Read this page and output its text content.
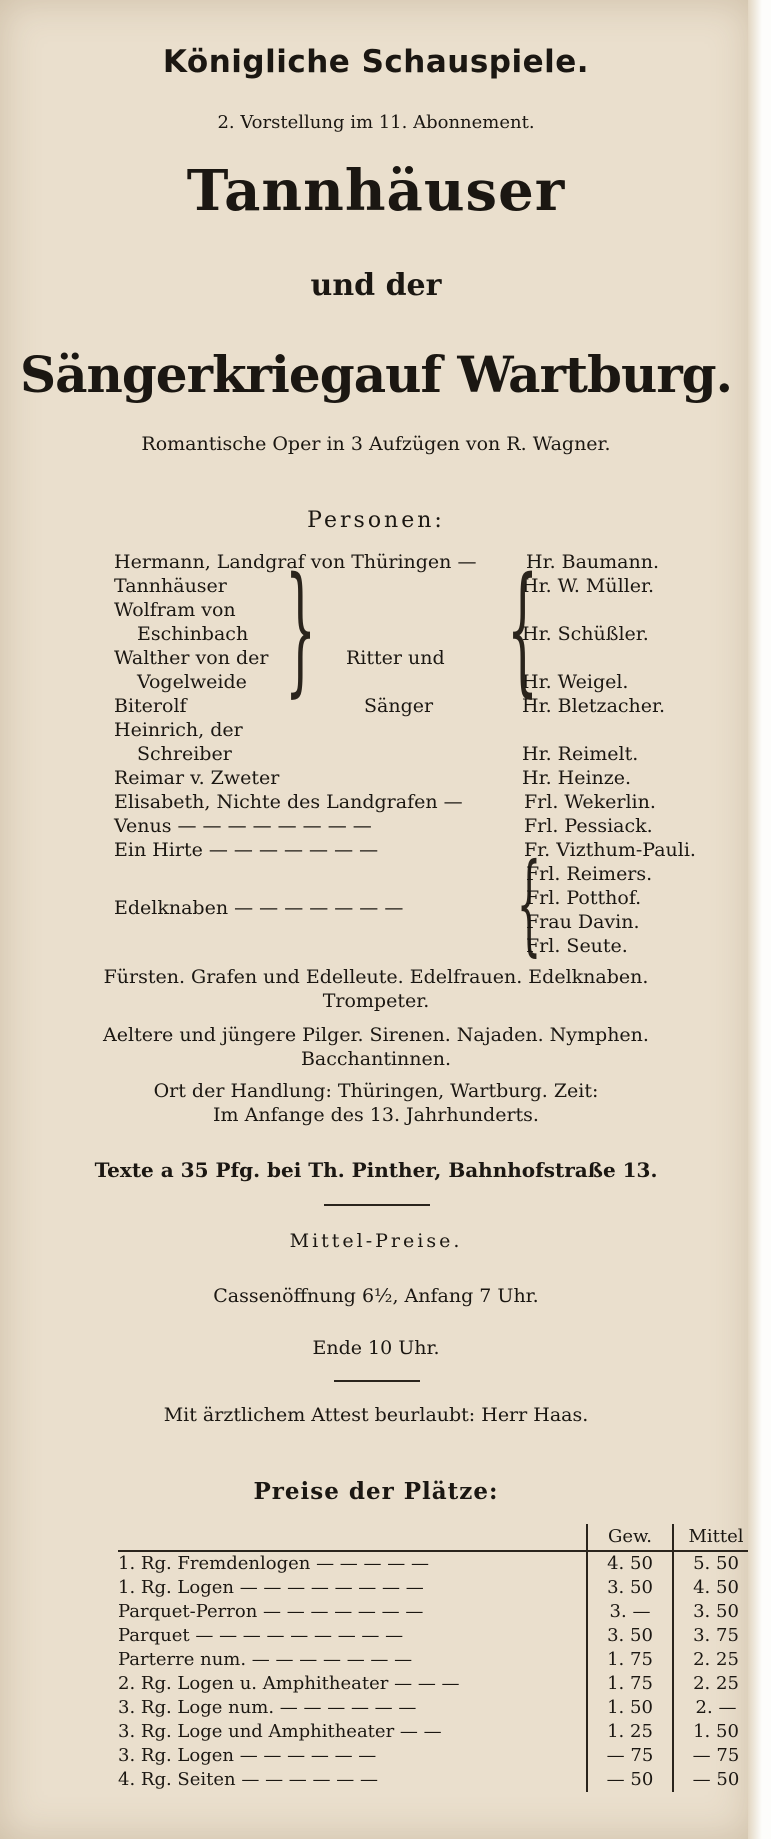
Königliche Schauspiele.
2. Vorstellung im 11. Abonnement.
Tannhäuser
und der
Sängerkriegauf Wartburg.
Romantische Oper in 3 Aufzügen von R. Wagner.
Personen:
Hermann, Landgraf von Thüringen —	Hr. Baumann.
Tannhäuser	Hr. W. Müller.
Wolfram von
Eschinbach	Hr. Schüßler.
Walther von der
Vogelweide	Hr. Weigel.
Biterolf	Hr. Bletzacher.
Heinrich, der
Schreiber	Hr. Reimelt.
Reimar v. Zweter	Hr. Heinze.
Elisabeth, Nichte des Landgrafen —	Frl. Wekerlin.
Venus — — — — — — — —	Frl. Pessiack.
Ein Hirte — — — — — — —	Fr. Vizthum-Pauli.
} {
Ritter und
Sänger
Edelknaben — — — — — — — {
Frl. Reimers.
Frl. Potthof.
Frau Davin.
Frl. Seute.
Fürsten. Grafen und Edelleute. Edelfrauen. Edelknaben.
Trompeter.
Aeltere und jüngere Pilger. Sirenen. Najaden. Nymphen.
Bacchantinnen.
Ort der Handlung: Thüringen, Wartburg. Zeit:
Im Anfange des 13. Jahrhunderts.
Texte a 35 Pfg. bei Th. Pinther, Bahnhofstraße 13.
Mittel-Preise.
Cassenöffnung 6½, Anfang 7 Uhr.
Ende 10 Uhr.
Mit ärztlichem Attest beurlaubt: Herr Haas.
Preise der Plätze:
	Gew.	Mittel
1. Rg. Fremdenlogen — — — — —	4. 50	5. 50
1. Rg. Logen — — — — — — — —	3. 50	4. 50
Parquet-Perron — — — — — — —	3. —	3. 50
Parquet — — — — — — — — —	3. 50	3. 75
Parterre num. — — — — — — —	1. 75	2. 25
2. Rg. Logen u. Amphitheater — — —	1. 75	2. 25
3. Rg. Loge num. — — — — — —	1. 50	2. —
3. Rg. Loge und Amphitheater — —	1. 25	1. 50
3. Rg. Logen — — — — — —	— 75	— 75
4. Rg. Seiten — — — — — —	— 50	— 50
